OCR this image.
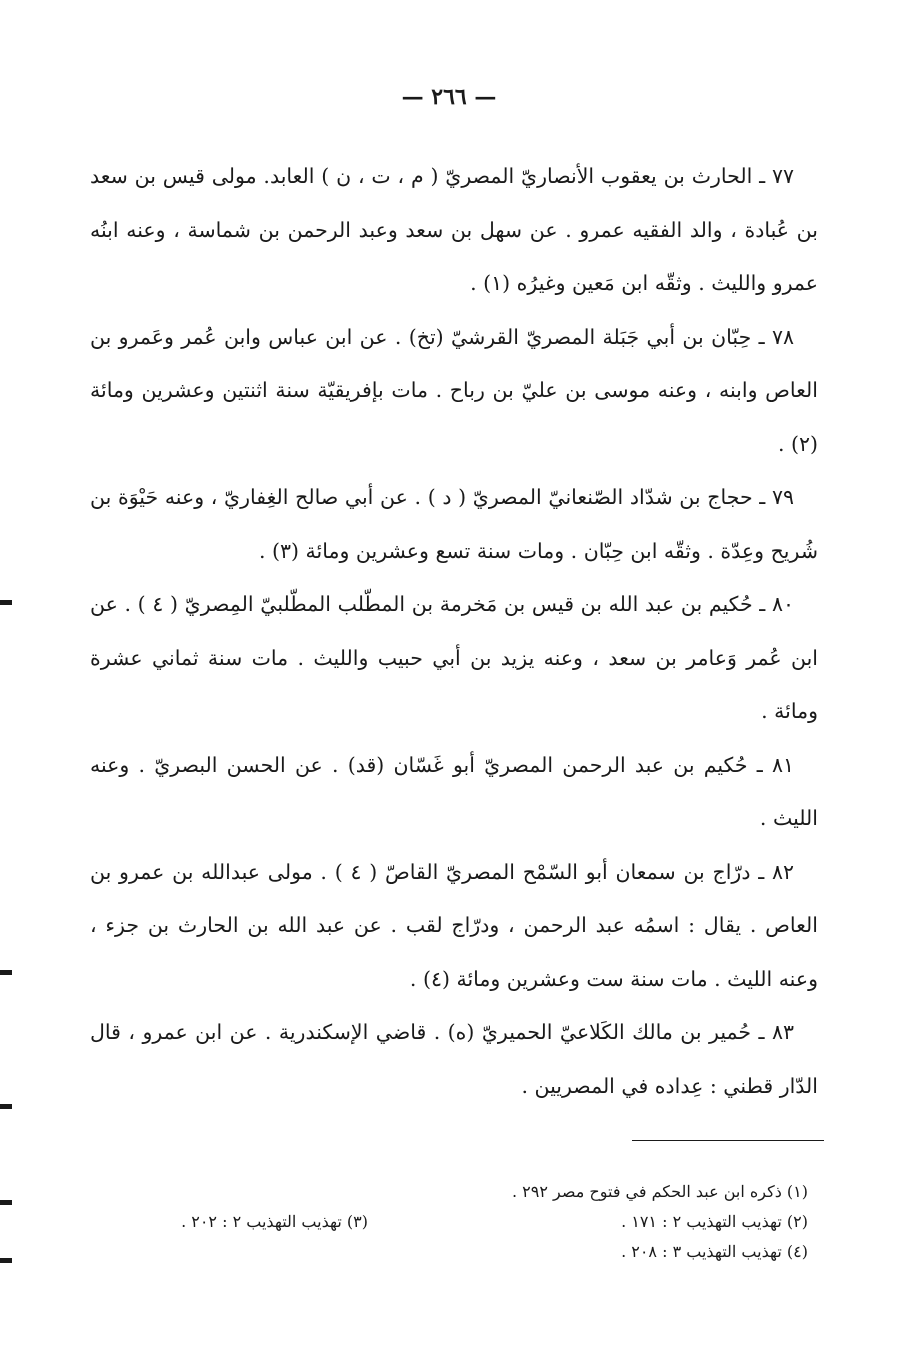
— ٢٦٦ —

٧٧ ـ الحارث بن يعقوب الأنصاريّ المصريّ ( م ، ت ، ن ) العابد. مولى قيس بن سعد بن عُبادة ، والد الفقيه عمرو . عن سهل بن سعد وعبد الرحمن بن شماسة ، وعنه ابنُه عمرو والليث . وثقّه ابن مَعين وغيرُه (١) .

٧٨ ـ حِبّان بن أبي جَبَلة المصريّ القرشيّ (تخ) . عن ابن عباس وابن عُمر وعَمرو بن العاص وابنه ، وعنه موسى بن عليّ بن رباح . مات بإفريقيّة سنة اثنتين وعشرين ومائة (٢) .

٧٩ ـ حجاج بن شدّاد الصّنعانيّ المصريّ ( د ) . عن أبي صالح الغِفاريّ ، وعنه حَيْوَة بن شُريح وعِدّة . وثقّه ابن حِبّان . ومات سنة تسع وعشرين ومائة (٣) .

٨٠ ـ حُكيم بن عبد الله بن قيس بن مَخرمة بن المطّلب المطّلبيّ المِصريّ ( ٤ ) . عن ابن عُمر وَعامر بن سعد ، وعنه يزيد بن أبي حبيب والليث . مات سنة ثماني عشرة ومائة .

٨١ ـ حُكيم بن عبد الرحمن المصريّ أبو غَسّان (قد) . عن الحسن البصريّ . وعنه الليث .

٨٢ ـ درّاج بن سمعان أبو السّمْح المصريّ القاصّ ( ٤ ) . مولى عبدالله بن عمرو بن العاص . يقال : اسمُه عبد الرحمن ، ودرّاج لقب . عن عبد الله بن الحارث بن جزء ، وعنه الليث . مات سنة ست وعشرين ومائة (٤) .

٨٣ ـ حُمير بن مالك الكَلاعيّ الحميريّ (ه) . قاضي الإسكندرية . عن ابن عمرو ، قال الدّار قطني : عِداده في المصريين .

(١) ذكره ابن عبد الحكم في فتوح مصر ٢٩٢ .
(٢) تهذيب التهذيب ٢ : ١٧١ .
(٣) تهذيب التهذيب ٢ : ٢٠٢ .
(٤) تهذيب التهذيب ٣ : ٢٠٨ .
